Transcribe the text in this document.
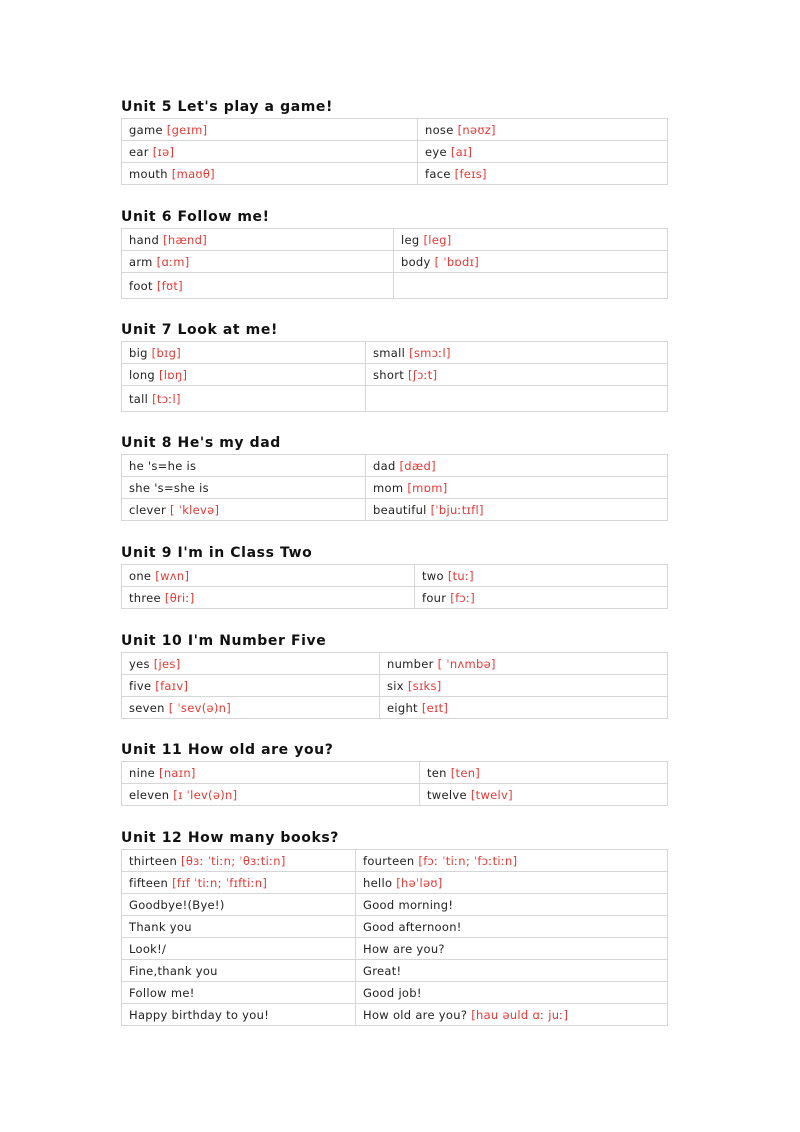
Unit 5 Let's play a game!
game [geɪm]	nose [nəʊz]
ear [ɪə]	eye [aɪ]
mouth [maʊθ]	face [feɪs]
Unit 6 Follow me!
hand [hænd]	leg [leg]
arm [ɑːm]	body [ ˈbɒdɪ]
foot [fʊt]	
Unit 7 Look at me!
big [bɪg]	small [smɔːl]
long [lɒŋ]	short [ʃɔːt]
tall [tɔːl]	
Unit 8 He's my dad
he 's=he is	dad [dæd]
she 's=she is	mom [mɒm]
clever [ ˈklevə]	beautiful [ˈbjuːtɪfl]
Unit 9 I'm in Class Two
one [wʌn]	two [tuː]
three [θriː]	four [fɔː]
Unit 10 I'm Number Five
yes [jes]	number [ ˈnʌmbə]
five [faɪv]	six [sɪks]
seven [ ˈsev(ə)n]	eight [eɪt]
Unit 11 How old are you?
nine [naɪn]	ten [ten]
eleven [ɪ ˈlev(ə)n]	twelve [twelv]
Unit 12 How many books?
thirteen [θɜː ˈtiːn; ˈθɜːtiːn]	fourteen [fɔː ˈtiːn; ˈfɔːtiːn]
fifteen [fɪf ˈtiːn; ˈfɪftiːn]	hello [həˈləʊ]
Goodbye!(Bye!)	Good morning!
Thank you	Good afternoon!
Look!/	How are you?
Fine,thank you	Great!
Follow me!	Good job!
Happy birthday to you!	How old are you? [hau əuld ɑː juː]
